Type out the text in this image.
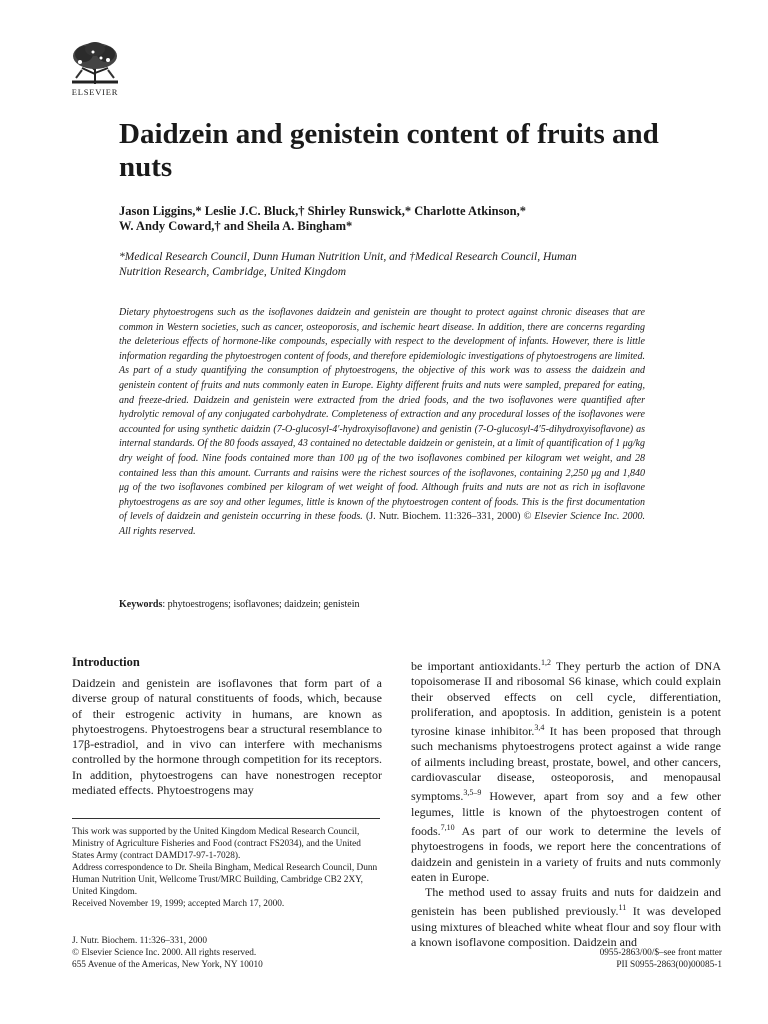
ELSEVIER
Daidzein and genistein content of fruits and nuts
Jason Liggins,* Leslie J.C. Bluck,† Shirley Runswick,* Charlotte Atkinson,*
W. Andy Coward,† and Sheila A. Bingham*
*Medical Research Council, Dunn Human Nutrition Unit, and †Medical Research Council, Human
Nutrition Research, Cambridge, United Kingdom
Dietary phytoestrogens such as the isoflavones daidzein and genistein are thought to protect against chronic diseases that are common in Western societies, such as cancer, osteoporosis, and ischemic heart disease. In addition, there are concerns regarding the deleterious effects of hormone-like compounds, especially with respect to the development of infants. However, there is little information regarding the phytoestrogen content of foods, and therefore epidemiologic investigations of phytoestrogens are limited. As part of a study quantifying the consumption of phytoestrogens, the objective of this work was to assess the daidzein and genistein content of fruits and nuts commonly eaten in Europe. Eighty different fruits and nuts were sampled, prepared for eating, and freeze-dried. Daidzein and genistein were extracted from the dried foods, and the two isoflavones were quantified after hydrolytic removal of any conjugated carbohydrate. Completeness of extraction and any procedural losses of the isoflavones were accounted for using synthetic daidzin (7-O-glucosyl-4′-hydroxyisoflavone) and genistin (7-O-glucosyl-4′5-dihydroxyisoflavone) as internal standards. Of the 80 foods assayed, 43 contained no detectable daidzein or genistein, at a limit of quantification of 1 μg/kg dry weight of food. Nine foods contained more than 100 μg of the two isoflavones combined per kilogram wet weight, and 28 contained less than this amount. Currants and raisins were the richest sources of the isoflavones, containing 2,250 μg and 1,840 μg of the two isoflavones combined per kilogram of wet weight of food. Although fruits and nuts are not as rich in isoflavone phytoestrogens as are soy and other legumes, little is known of the phytoestrogen content of foods. This is the first documentation of levels of daidzein and genistein occurring in these foods. (J. Nutr. Biochem. 11:326–331, 2000) © Elsevier Science Inc. 2000. All rights reserved.
Keywords: phytoestrogens; isoflavones; daidzein; genistein
Introduction

Daidzein and genistein are isoflavones that form part of a diverse group of natural constituents of foods, which, because of their estrogenic activity in humans, are known as phytoestrogens. Phytoestrogens bear a structural resemblance to 17β-estradiol, and in vivo can interfere with mechanisms controlled by the hormone through competition for its receptors. In addition, phytoestrogens can have nonestrogen receptor mediated effects. Phytoestrogens may

be important antioxidants.$^{1,2}$ They perturb the action of DNA topoisomerase II and ribosomal S6 kinase, which could explain their observed effects on cell cycle, differentiation, proliferation, and apoptosis. In addition, genistein is a potent tyrosine kinase inhibitor.$^{3,4}$ It has been proposed that through such mechanisms phytoestrogens protect against a wide range of ailments including breast, prostate, bowel, and other cancers, cardiovascular disease, osteoporosis, and menopausal symptoms.$^{3,5-9}$ However, apart from soy and a few other legumes, little is known of the phytoestrogen content of foods.$^{7,10}$ As part of our work to determine the levels of phytoestrogens in foods, we report here the concentrations of daidzein and genistein in a variety of fruits and nuts commonly eaten in Europe.

The method used to assay fruits and nuts for daidzein and genistein has been published previously.$^{11}$ It was developed using mixtures of bleached white wheat flour and soy flour with a known isoflavone composition. Daidzein and

This work was supported by the United Kingdom Medical Research Council, Ministry of Agriculture Fisheries and Food (contract FS2034), and the United States Army (contract DAMD17-97-1-7028).
Address correspondence to Dr. Sheila Bingham, Medical Research Council, Dunn Human Nutrition Unit, Wellcome Trust/MRC Building, Cambridge CB2 2XY, United Kingdom.
Received November 19, 1999; accepted March 17, 2000.
J. Nutr. Biochem. 11:326–331, 2000
© Elsevier Science Inc. 2000. All rights reserved.
655 Avenue of the Americas, New York, NY 10010
0955-2863/00/$–see front matter
PII S0955-2863(00)00085-1
